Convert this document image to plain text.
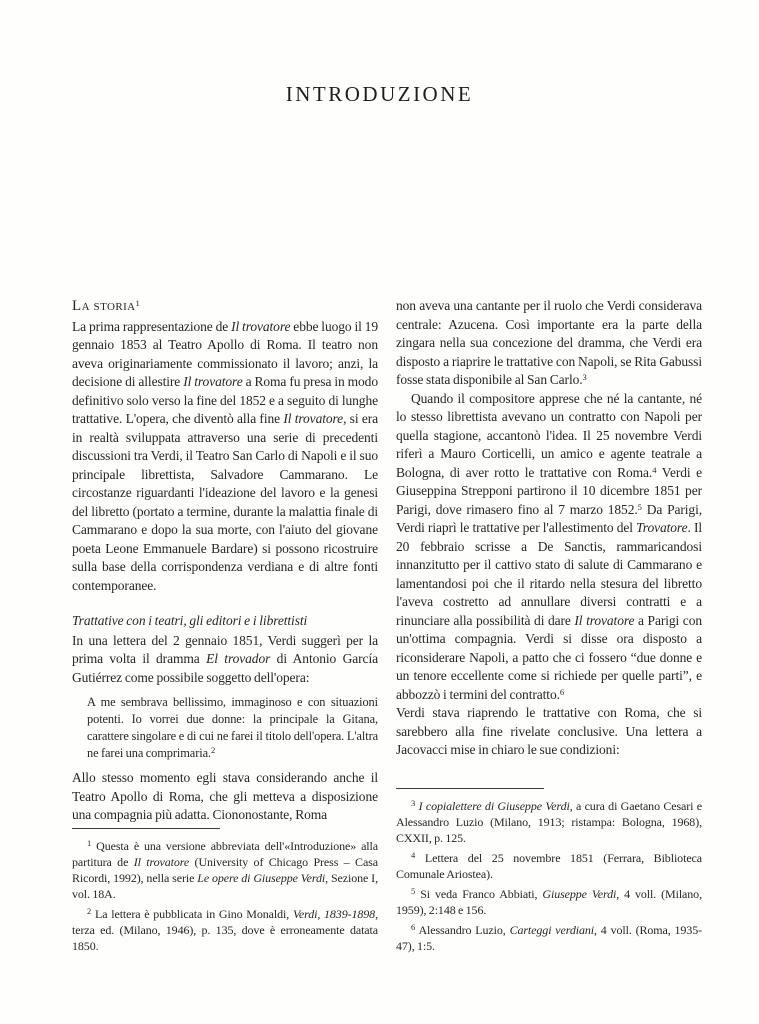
INTRODUZIONE
La storia$^1$

La prima rappresentazione de Il trovatore ebbe luogo il 19 gennaio 1853 al Teatro Apollo di Roma. Il teatro non aveva originariamente commissionato il lavoro; anzi, la decisione di allestire Il trovatore a Roma fu presa in modo definitivo solo verso la fine del 1852 e a seguito di lunghe trattative. L'opera, che diventò alla fine Il trovatore, si era in realtà sviluppata attraverso una serie di precedenti discussioni tra Verdi, il Teatro San Carlo di Napoli e il suo principale librettista, Salvadore Cammarano. Le circostanze riguardanti l'ideazione del lavoro e la genesi del libretto (portato a termine, durante la malattia finale di Cammarano e dopo la sua morte, con l'aiuto del giovane poeta Leone Emmanuele Bardare) si possono ricostruire sulla base della corrispondenza verdiana e di altre fonti contemporanee.

Trattative con i teatri, gli editori e i librettisti

In una lettera del 2 gennaio 1851, Verdi suggerì per la prima volta il dramma El trovador di Antonio García Gutiérrez come possibile soggetto dell'opera:

A me sembrava bellissimo, immaginoso e con situazioni potenti. Io vorrei due donne: la principale la Gitana, carattere singolare e di cui ne farei il titolo dell'opera. L'altra ne farei una comprimaria.$^2$

Allo stesso momento egli stava considerando anche il Teatro Apollo di Roma, che gli metteva a disposizione una compagnia più adatta. Ciononostante, Roma

$^1$ Questa è una versione abbreviata dell'«Introduzione» alla partitura de Il trovatore (University of Chicago Press – Casa Ricordi, 1992), nella serie Le opere di Giuseppe Verdi, Sezione I, vol. 18A.
$^2$ La lettera è pubblicata in Gino Monaldi, Verdi, 1839-1898, terza ed. (Milano, 1946), p. 135, dove è erroneamente datata 1850.

non aveva una cantante per il ruolo che Verdi considerava centrale: Azucena. Così importante era la parte della zingara nella sua concezione del dramma, che Verdi era disposto a riaprire le trattative con Napoli, se Rita Gabussi fosse stata disponibile al San Carlo.$^3$

Quando il compositore apprese che né la cantante, né lo stesso librettista avevano un contratto con Napoli per quella stagione, accantonò l'idea. Il 25 novembre Verdi riferì a Mauro Corticelli, un amico e agente teatrale a Bologna, di aver rotto le trattative con Roma.$^4$ Verdi e Giuseppina Strepponi partirono il 10 dicembre 1851 per Parigi, dove rimasero fino al 7 marzo 1852.$^5$ Da Parigi, Verdi riaprì le trattative per l'allestimento del Trovatore. Il 20 febbraio scrisse a De Sanctis, rammaricandosi innanzitutto per il cattivo stato di salute di Cammarano e lamentandosi poi che il ritardo nella stesura del libretto l'aveva costretto ad annullare diversi contratti e a rinunciare alla possibilità di dare Il trovatore a Parigi con un'ottima compagnia. Verdi si disse ora disposto a riconsiderare Napoli, a patto che ci fossero “due donne e un tenore eccellente come si richiede per quelle parti”, e abbozzò i termini del contratto.$^6$

Verdi stava riaprendo le trattative con Roma, che si sarebbero alla fine rivelate conclusive. Una lettera a Jacovacci mise in chiaro le sue condizioni:

$^3$ I copialettere di Giuseppe Verdi, a cura di Gaetano Cesari e Alessandro Luzio (Milano, 1913; ristampa: Bologna, 1968), CXXII, p. 125.
$^4$ Lettera del 25 novembre 1851 (Ferrara, Biblioteca Comunale Ariostea).
$^5$ Si veda Franco Abbiati, Giuseppe Verdi, 4 voll. (Milano, 1959), 2:148 e 156.
$^6$ Alessandro Luzio, Carteggi verdiani, 4 voll. (Roma, 1935-47), 1:5.
